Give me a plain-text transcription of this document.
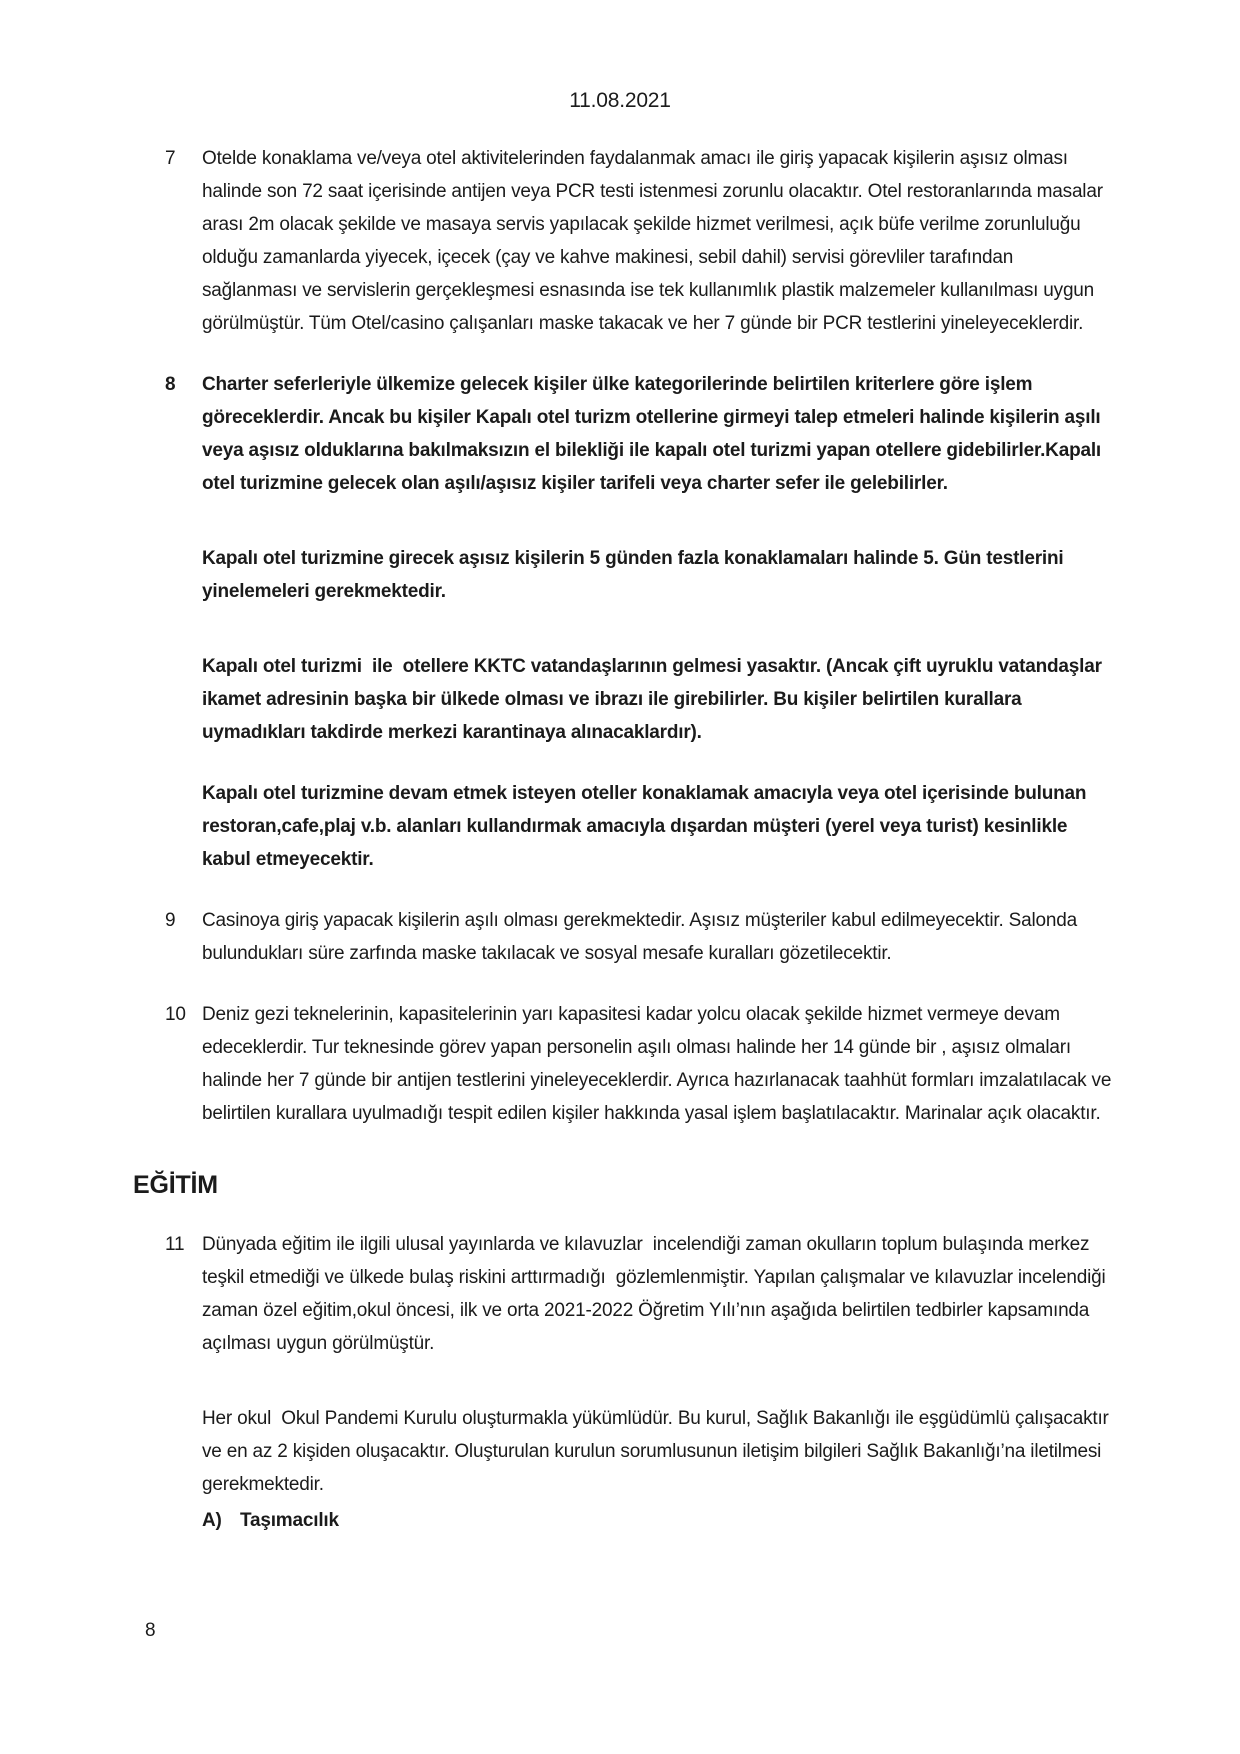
11.08.2021
7	Otelde konaklama ve/veya otel aktivitelerinden faydalanmak amacı ile giriş yapacak kişilerin aşısız olması halinde son 72 saat içerisinde antijen veya PCR testi istenmesi zorunlu olacaktır. Otel restoranlarında masalar arası 2m olacak şekilde ve masaya servis yapılacak şekilde hizmet verilmesi, açık büfe verilme zorunluluğu olduğu zamanlarda yiyecek, içecek (çay ve kahve makinesi, sebil dahil) servisi görevliler tarafından sağlanması ve servislerin gerçekleşmesi esnasında ise tek kullanımlık plastik malzemeler kullanılması uygun görülmüştür. Tüm Otel/casino çalışanları maske takacak ve her 7 günde bir PCR testlerini yineleyeceklerdir.

8	Charter seferleriyle ülkemize gelecek kişiler ülke kategorilerinde belirtilen kriterlere göre işlem göreceklerdir. Ancak bu kişiler Kapalı otel turizm otellerine girmeyi talep etmeleri halinde kişilerin aşılı veya aşısız olduklarına bakılmaksızın el bilekliği ile kapalı otel turizmi yapan otellere gidebilirler.Kapalı otel turizmine gelecek olan aşılı/aşısız kişiler tarifeli veya charter sefer ile gelebilirler.

Kapalı otel turizmine girecek aşısız kişilerin 5 günden fazla konaklamaları halinde 5. Gün testlerini yinelemeleri gerekmektedir.

Kapalı otel turizmi  ile  otellere KKTC vatandaşlarının gelmesi yasaktır. (Ancak çift uyruklu vatandaşlar ikamet adresinin başka bir ülkede olması ve ibrazı ile girebilirler. Bu kişiler belirtilen kurallara uymadıkları takdirde merkezi karantinaya alınacaklardır).

Kapalı otel turizmine devam etmek isteyen oteller konaklamak amacıyla veya otel içerisinde bulunan restoran,cafe,plaj v.b. alanları kullandırmak amacıyla dışardan müşteri (yerel veya turist) kesinlikle kabul etmeyecektir.

9	Casinoya giriş yapacak kişilerin aşılı olması gerekmektedir. Aşısız müşteriler kabul edilmeyecektir. Salonda bulundukları süre zarfında maske takılacak ve sosyal mesafe kuralları gözetilecektir.

10 Deniz gezi teknelerinin, kapasitelerinin yarı kapasitesi kadar yolcu olacak şekilde hizmet vermeye devam edeceklerdir. Tur teknesinde görev yapan personelin aşılı olması halinde her 14 günde bir , aşısız olmaları halinde her 7 günde bir antijen testlerini yineleyeceklerdir. Ayrıca hazırlanacak taahhüt formları imzalatılacak ve belirtilen kurallara uyulmadığı tespit edilen kişiler hakkında yasal işlem başlatılacaktır. Marinalar açık olacaktır.

EĞİTİM
11 Dünyada eğitim ile ilgili ulusal yayınlarda ve kılavuzlar  incelendiği zaman okulların toplum bulaşında merkez teşkil etmediği ve ülkede bulaş riskini arttırmadığı  gözlemlenmiştir. Yapılan çalışmalar ve kılavuzlar incelendiği zaman özel eğitim,okul öncesi, ilk ve orta 2021-2022 Öğretim Yılı’nın aşağıda belirtilen tedbirler kapsamında açılması uygun görülmüştür.

Her okul  Okul Pandemi Kurulu oluşturmakla yükümlüdür. Bu kurul, Sağlık Bakanlığı ile eşgüdümlü çalışacaktır ve en az 2 kişiden oluşacaktır. Oluşturulan kurulun sorumlusunun iletişim bilgileri Sağlık Bakanlığı’na iletilmesi gerekmektedir.

A) Taşımacılık

8
